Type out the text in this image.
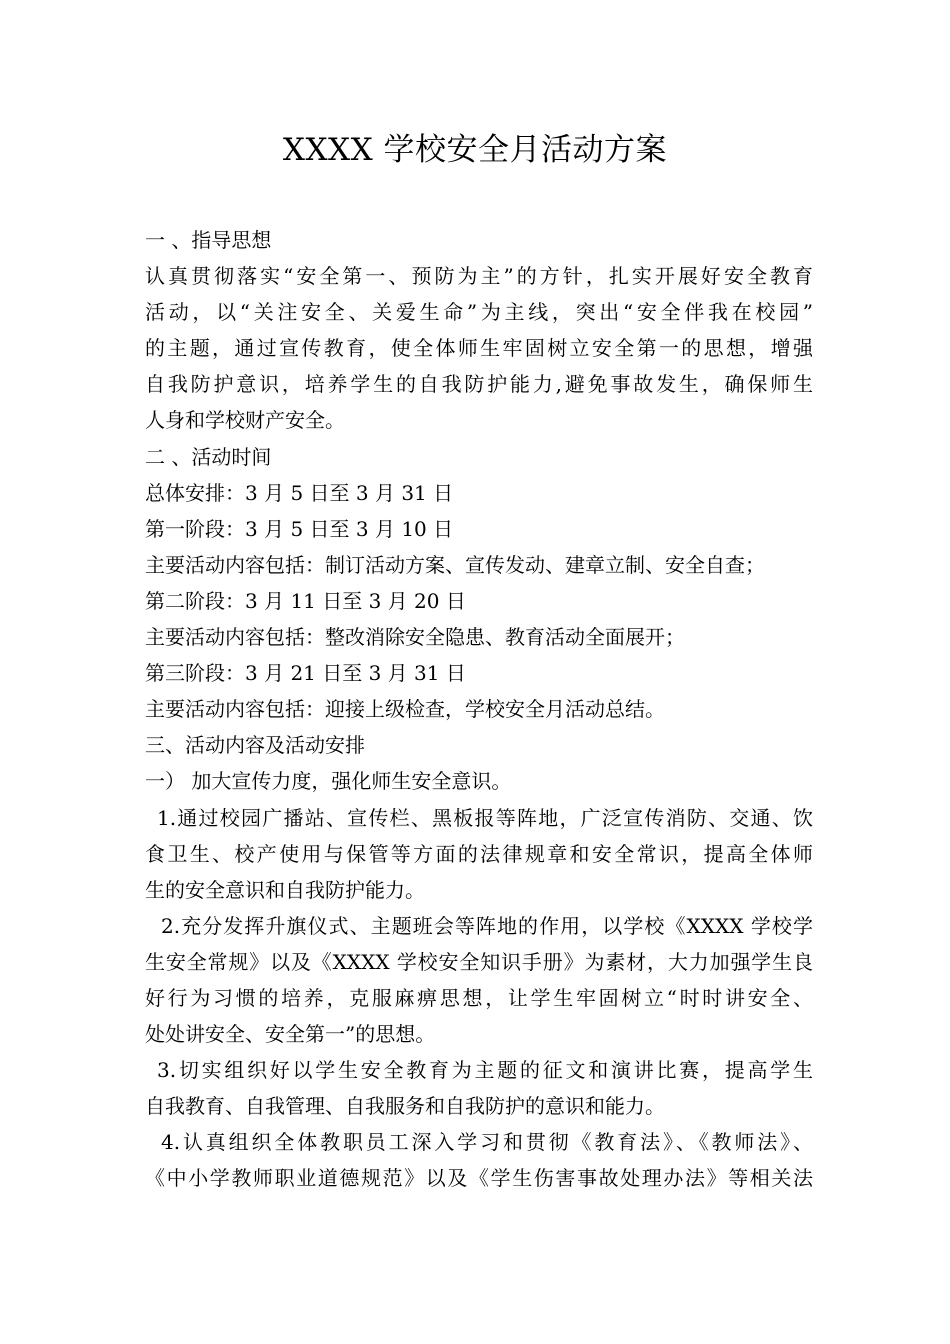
XXXX 学校安全月活动方案
一 、指导思想
认真贯彻落实“安全第一、预防为主”的方针，扎实开展好安全教育
活动，以“关注安全、关爱生命”为主线，突出“安全伴我在校园”
的主题，通过宣传教育，使全体师生牢固树立安全第一的思想，增强
自我防护意识，培养学生的自我防护能力,避免事故发生，确保师生
人身和学校财产安全。
二 、活动时间
总体安排：3 月 5 日至 3 月 31 日
第一阶段：3 月 5 日至 3 月 10 日
主要活动内容包括：制订活动方案、宣传发动、建章立制、安全自查；
第二阶段：3 月 11 日至 3 月 20 日
主要活动内容包括：整改消除安全隐患、教育活动全面展开；
第三阶段：3 月 21 日至 3 月 31 日
主要活动内容包括：迎接上级检查，学校安全月活动总结。
三、活动内容及活动安排
一） 加大宣传力度，强化师生安全意识。
1.通过校园广播站、宣传栏、黑板报等阵地，广泛宣传消防、交通、饮
食卫生、校产使用与保管等方面的法律规章和安全常识，提高全体师
生的安全意识和自我防护能力。
2.充分发挥升旗仪式、主题班会等阵地的作用，以学校《XXXX 学校学
生安全常规》以及《XXXX 学校安全知识手册》为素材，大力加强学生良
好行为习惯的培养，克服麻痹思想，让学生牢固树立“时时讲安全、
处处讲安全、安全第一”的思想。
3.切实组织好以学生安全教育为主题的征文和演讲比赛，提高学生
自我教育、自我管理、自我服务和自我防护的意识和能力。
4.认真组织全体教职员工深入学习和贯彻《教育法》、《教师法》、
《中小学教师职业道德规范》以及《学生伤害事故处理办法》等相关法
